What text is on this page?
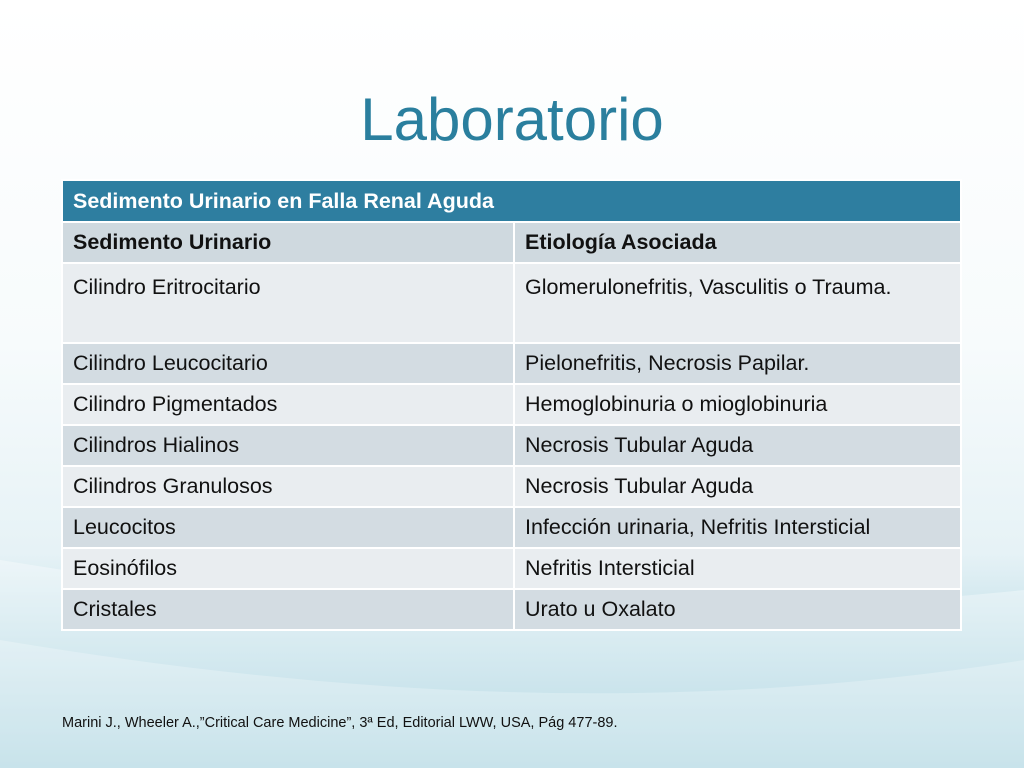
Laboratorio
Sedimento Urinario en Falla Renal Aguda	
Sedimento Urinario	Etiología Asociada
Cilindro Eritrocitario	Glomerulonefritis, Vasculitis o Trauma.
Cilindro Leucocitario	Pielonefritis, Necrosis Papilar.
Cilindro Pigmentados	Hemoglobinuria o mioglobinuria
Cilindros Hialinos	Necrosis Tubular Aguda
Cilindros Granulosos	Necrosis Tubular Aguda
Leucocitos	Infección urinaria, Nefritis Intersticial
Eosinófilos	Nefritis Intersticial
Cristales	Urato u Oxalato
Marini J., Wheeler A.,”Critical Care Medicine”, 3ª Ed, Editorial LWW, USA, Pág 477-89.
